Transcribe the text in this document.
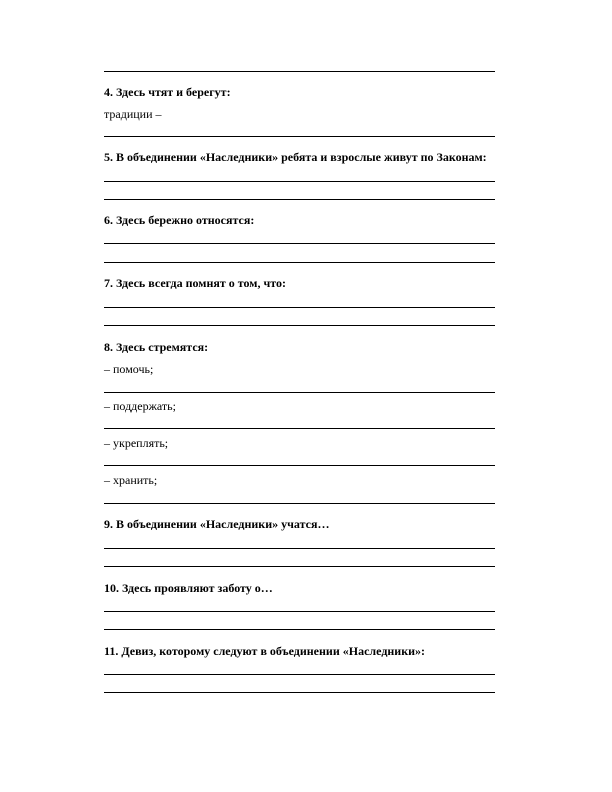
4. Здесь чтят и берегут:
традиции –
5. В объединении «Наследники» ребята и взрослые живут по Законам:
6. Здесь бережно относятся:
7. Здесь всегда помнят о том, что:
8. Здесь стремятся:
– помочь;
– поддержать;
– укреплять;
– хранить;
9. В объединении «Наследники» учатся…
10. Здесь проявляют заботу о…
11. Девиз, которому следуют в объединении «Наследники»:
